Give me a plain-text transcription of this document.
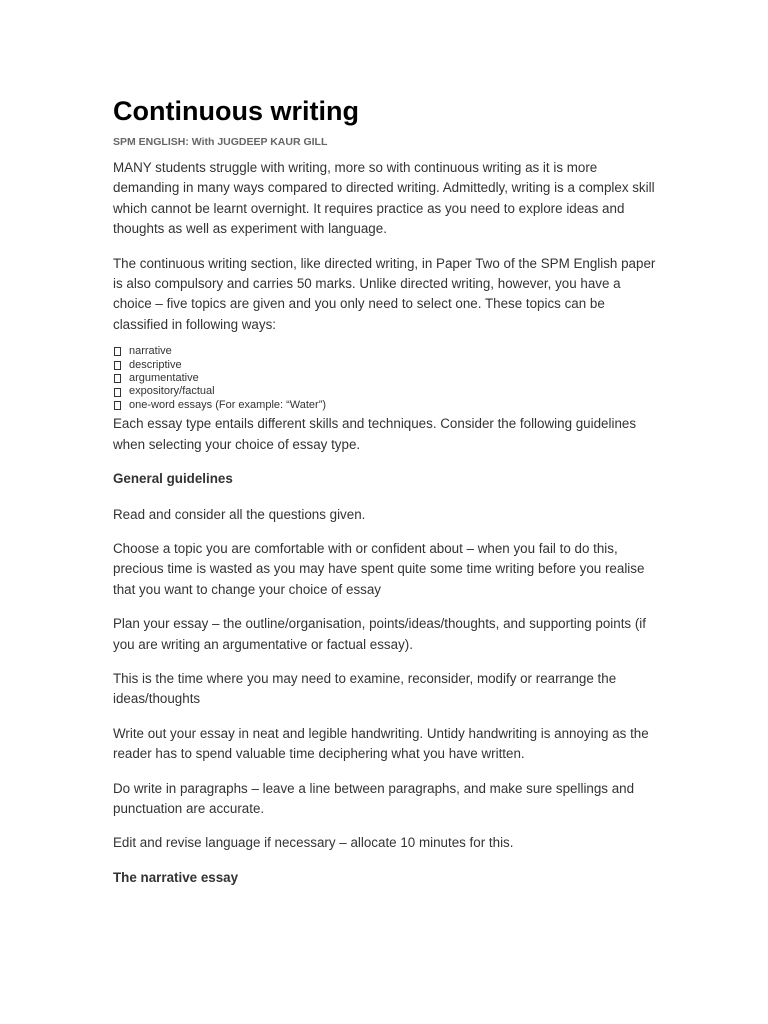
Continuous writing

SPM ENGLISH: With JUGDEEP KAUR GILL

MANY students struggle with writing, more so with continuous writing as it is more demanding in many ways compared to directed writing. Admittedly, writing is a complex skill which cannot be learnt overnight. It requires practice as you need to explore ideas and thoughts as well as experiment with language.

The continuous writing section, like directed writing, in Paper Two of the SPM English paper is also compulsory and carries 50 marks. Unlike directed writing, however, you have a choice – five topics are given and you only need to select one. These topics can be classified in following ways:

narrative
descriptive
argumentative
expository/factual
one-word essays (For example: “Water”)

Each essay type entails different skills and techniques. Consider the following guidelines when selecting your choice of essay type.

General guidelines

Read and consider all the questions given.

Choose a topic you are comfortable with or confident about – when you fail to do this, precious time is wasted as you may have spent quite some time writing before you realise that you want to change your choice of essay

Plan your essay – the outline/organisation, points/ideas/thoughts, and supporting points (if you are writing an argumentative or factual essay).

This is the time where you may need to examine, reconsider, modify or rearrange the ideas/thoughts

Write out your essay in neat and legible handwriting. Untidy handwriting is annoying as the reader has to spend valuable time deciphering what you have written.

Do write in paragraphs – leave a line between paragraphs, and make sure spellings and punctuation are accurate.

Edit and revise language if necessary – allocate 10 minutes for this.

The narrative essay
